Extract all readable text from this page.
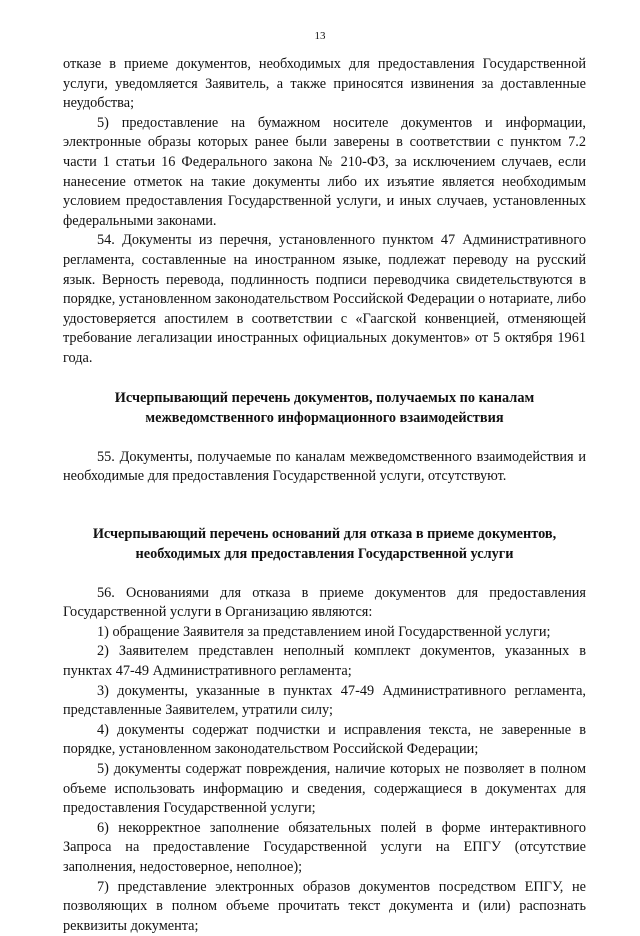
13

отказе в приеме документов, необходимых для предоставления Государственной услуги, уведомляется Заявитель, а также приносятся извинения за доставленные неудобства;

5) предоставление на бумажном носителе документов и информации, электронные образы которых ранее были заверены в соответствии с пунктом 7.2 части 1 статьи 16 Федерального закона № 210-ФЗ, за исключением случаев, если нанесение отметок на такие документы либо их изъятие является необходимым условием предоставления Государственной услуги, и иных случаев, установленных федеральными законами.

54. Документы из перечня, установленного пунктом 47 Административного регламента, составленные на иностранном языке, подлежат переводу на русский язык. Верность перевода, подлинность подписи переводчика свидетельствуются в порядке, установленном законодательством Российской Федерации о нотариате, либо удостоверяется апостилем в соответствии с «Гаагской конвенцией, отменяющей требование легализации иностранных официальных документов» от 5 октября 1961 года.

Исчерпывающий перечень документов, получаемых по каналам межведомственного информационного взаимодействия

55. Документы, получаемые по каналам межведомственного взаимодействия и необходимые для предоставления Государственной услуги, отсутствуют.

Исчерпывающий перечень оснований для отказа в приеме документов, необходимых для предоставления Государственной услуги

56. Основаниями для отказа в приеме документов для предоставления Государственной услуги в Организацию являются:

1) обращение Заявителя за представлением иной Государственной услуги;

2) Заявителем представлен неполный комплект документов, указанных в пунктах 47-49 Административного регламента;

3) документы, указанные в пунктах 47-49 Административного регламента, представленные Заявителем, утратили силу;

4) документы содержат подчистки и исправления текста, не заверенные в порядке, установленном законодательством Российской Федерации;

5) документы содержат повреждения, наличие которых не позволяет в полном объеме использовать информацию и сведения, содержащиеся в документах для предоставления Государственной услуги;

6) некорректное заполнение обязательных полей в форме интерактивного Запроса на предоставление Государственной услуги на ЕПГУ (отсутствие заполнения, недостоверное, неполное);

7) представление электронных образов документов посредством ЕПГУ, не позволяющих в полном объеме прочитать текст документа и (или) распознать реквизиты документа;
